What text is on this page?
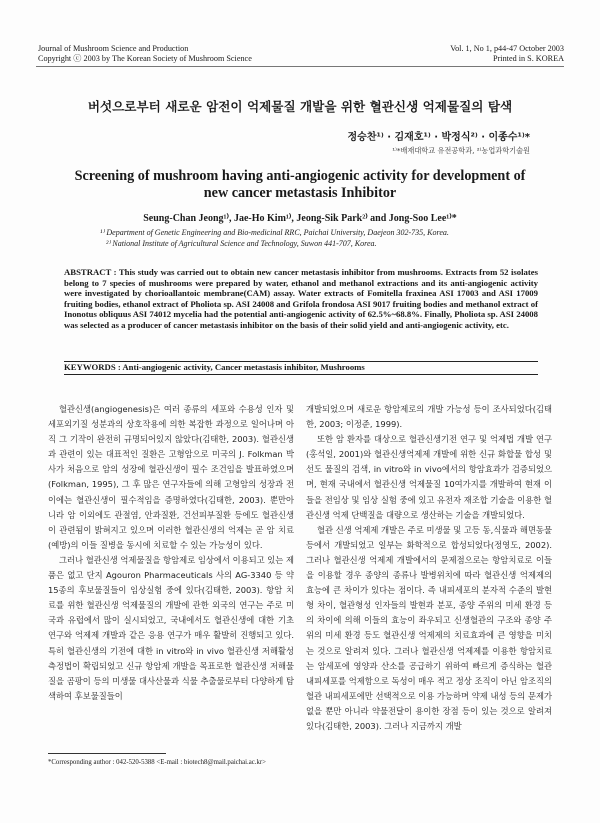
Journal of Mushroom Science and Production
Copyright ⓒ 2003 by The Korean Society of Mushroom Science
Vol. 1, No 1, p44-47 October 2003
Printed in S. KOREA
버섯으로부터 새로운 암전이 억제물질 개발을 위한 혈관신생 억제물질의 탐색
정승찬¹⁾ · 김재호¹⁾ · 박정식²⁾ · 이종수¹⁾*
¹⁾*배재대학교 유전공학과, ²⁾농업과학기술원
Screening of mushroom having anti-angiogenic activity for development of
new cancer metastasis Inhibitor
Seung-Chan Jeong¹⁾, Jae-Ho Kim¹⁾, Jeong-Sik Park²⁾ and Jong-Soo Lee¹⁾*
¹⁾ Department of Genetic Engineering and Bio-medicinal RRC, Paichai University, Daejeon 302-735, Korea.
²⁾ National Institute of Agricultural Science and Technology, Suwon 441-707, Korea.
ABSTRACT : This study was carried out to obtain new cancer metastasis inhibitor from mushrooms. Extracts from 52 isolates belong to 7 species of mushrooms were prepared by water, ethanol and methanol extractions and its anti-angiogenic activity were investigated by chorioallantoic membrane(CAM) assay. Water extracts of Fomitella fraxinea ASI 17003 and ASI 17009 fruiting bodies, ethanol extract of Pholiota sp. ASI 24008 and Grifola frondosa ASI 9017 fruiting bodies and methanol extract of Inonotus obliquus ASI 74012 mycelia had the potential anti-angiogenic activity of 62.5%~68.8%. Finally, Pholiota sp. ASI 24008 was selected as a producer of cancer metastasis inhibitor on the basis of their solid yield and anti-angiogenic activity, etc.
KEYWORDS : Anti-angiogenic activity, Cancer metastasis inhibitor, Mushrooms

혈관신생(angiogenesis)은 여러 종류의 세포와 수용성 인자 및 세포외기질 성분과의 상호작용에 의한 복잡한 과정으로 일어나며 아직 그 기작이 완전히 규명되어있지 않았다(김태한, 2003). 혈관신생과 관련이 있는 대표적인 질환은 고형암으로 미국의 J. Folkman 박사가 처음으로 암의 성장에 혈관신생이 필수 조건임을 발표하였으며(Folkman, 1995), 그 후 많은 연구자들에 의해 고형암의 성장과 전이에는 혈관신생이 필수적임을 증명하였다(김태한, 2003). 뿐만아니라 암 이외에도 관절염, 안과질환, 건선피부질환 등에도 혈관신생이 관련됨이 밝혀지고 있으며 이러한 혈관신생의 억제는 곧 암 치료(예방)의 이들 질병을 동시에 치료할 수 있는 가능성이 있다.

그러나 혈관신생 억제물질을 항암제로 임상에서 이용되고 있는 제품은 없고 단지 Agouron Pharmaceuticals 사의 AG-3340 등 약 15종의 후보물질들이 임상실험 중에 있다(김태한, 2003). 항암 치료를 위한 혈관신생 억제물질의 개발에 관한 외국의 연구는 주로 미국과 유럽에서 많이 실시되었고, 국내에서도 혈관신생에 대한 기초 연구와 억제제 개발과 같은 응용 연구가 매우 활발히 진행되고 있다. 특히 혈관신생의 기전에 대한 in vitro와 in vivo 혈관신생 저해활성 측정법이 확립되었고 신규 항암제 개발을 목표로한 혈관신생 저해물질을 곰팡이 등의 미생물 대사산물과 식물 추출물로부터 다양하게 탐색하여 후보물질들이

개발되었으며 새로운 항암제로의 개발 가능성 등이 조사되었다(김태한, 2003; 이정준, 1999).

또한 암 환자를 대상으로 혈관신생기전 연구 및 억제법 개발 연구(홍석일, 2001)와 혈관신생억제제 개발에 위한 신규 화합물 합성 및 선도 물질의 검색, in vitro와 in vivo에서의 항암효과가 검증되었으며, 현재 국내에서 혈관신생 억제물질 10여가지를 개발하여 현재 이들을 전임상 및 임상 실험 중에 있고 유전자 재조합 기술을 이용한 혈관신생 억제 단백질을 대량으로 생산하는 기술을 개발되었다.

혈관 신생 억제제 개발은 주로 미생물 및 고등 동,식물과 해면동물 등에서 개발되었고 일부는 화학적으로 합성되었다(정영도, 2002). 그러나 혈관신생 억제제 개발에서의 문제점으로는 항암치료로 이들을 이용할 경우 종양의 종류나 발병위치에 따라 혈관신생 억제제의 효능에 큰 차이가 있다는 점이다. 즉 내피세포의 분자적 수준의 발현형 차이, 혈관형성 인자들의 발현과 분포, 종양 주위의 미세 환경 등의 차이에 의해 이들의 효능이 좌우되고 신생혈관의 구조와 종양 주위의 미세 환경 등도 혈관신생 억제제의 치료효과에 큰 영향을 미치는 것으로 알려져 있다. 그러나 혈관신생 억제제를 이용한 항암치료는 암세포에 영양과 산소를 공급하기 위하여 빠르게 증식하는 혈관 내피세포를 억제함으로 독성이 매우 적고 정상 조직이 아닌 암조직의 혈관 내피세포에만 선택적으로 이용 가능하며 약제 내성 등의 문제가 없을 뿐만 아니라 약물전달이 용이한 장점 등이 있는 것으로 알려져 있다(김태한, 2003). 그러나 지금까지 개발

*Corresponding author : 042-520-5388 <E-mail : biotech8@mail.paichai.ac.kr>
